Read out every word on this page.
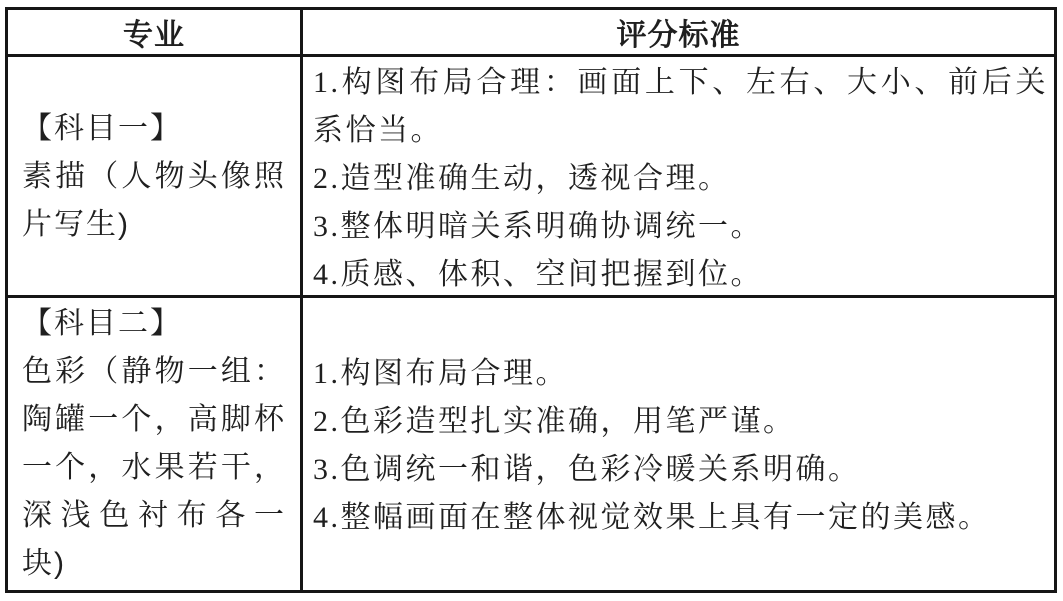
专业	评分标准
【科目一】
素描（人物头像照片写生)
1.构图布局合理：画面上下、左右、大小、前后关系恰当。
2.造型准确生动，透视合理。
3.整体明暗关系明确协调统一。
4.质感、体积、空间把握到位。
【科目二】
色彩（静物一组：陶罐一个，高脚杯一个，水果若干，深浅色衬布各一块)
1.构图布局合理。
2.色彩造型扎实准确，用笔严谨。
3.色调统一和谐，色彩冷暖关系明确。
4.整幅画面在整体视觉效果上具有一定的美感。
